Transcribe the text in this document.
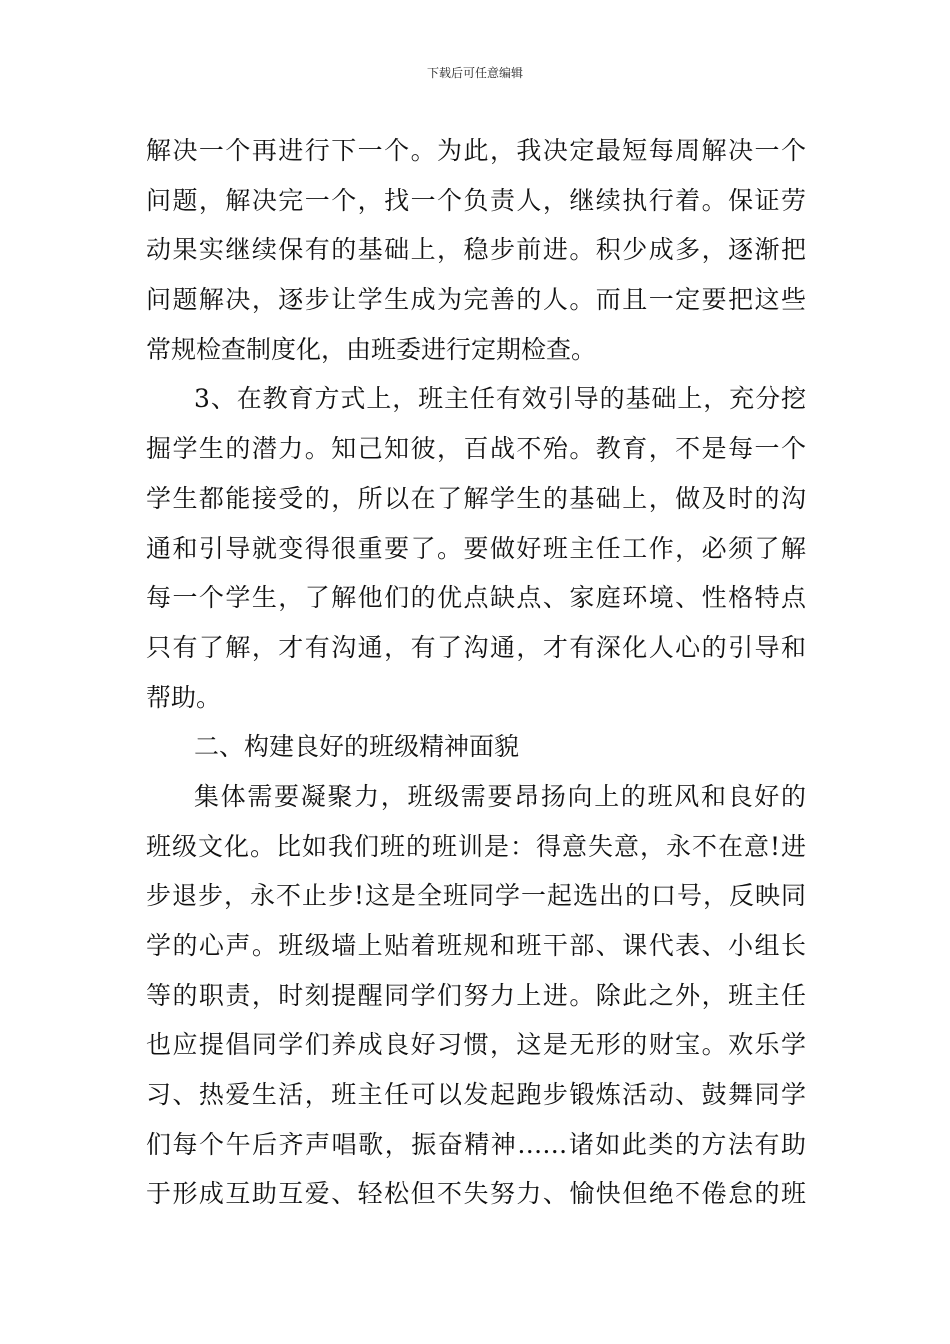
下载后可任意编辑
解决一个再进行下一个。为此，我决定最短每周解决一个
问题，解决完一个，找一个负责人，继续执行着。保证劳
动果实继续保有的基础上，稳步前进。积少成多，逐渐把
问题解决，逐步让学生成为完善的人。而且一定要把这些
常规检查制度化，由班委进行定期检查。
3、在教育方式上，班主任有效引导的基础上，充分挖
掘学生的潜力。知己知彼，百战不殆。教育，不是每一个
学生都能接受的，所以在了解学生的基础上，做及时的沟
通和引导就变得很重要了。要做好班主任工作，必须了解
每一个学生，了解他们的优点缺点、家庭环境、性格特点
只有了解，才有沟通，有了沟通，才有深化人心的引导和
帮助。
二、构建良好的班级精神面貌
集体需要凝聚力，班级需要昂扬向上的班风和良好的
班级文化。比如我们班的班训是：得意失意，永不在意!进
步退步，永不止步!这是全班同学一起选出的口号，反映同
学的心声。班级墙上贴着班规和班干部、课代表、小组长
等的职责，时刻提醒同学们努力上进。除此之外，班主任
也应提倡同学们养成良好习惯，这是无形的财宝。欢乐学
习、热爱生活，班主任可以发起跑步锻炼活动、鼓舞同学
们每个午后齐声唱歌，振奋精神……诸如此类的方法有助
于形成互助互爱、轻松但不失努力、愉快但绝不倦怠的班
